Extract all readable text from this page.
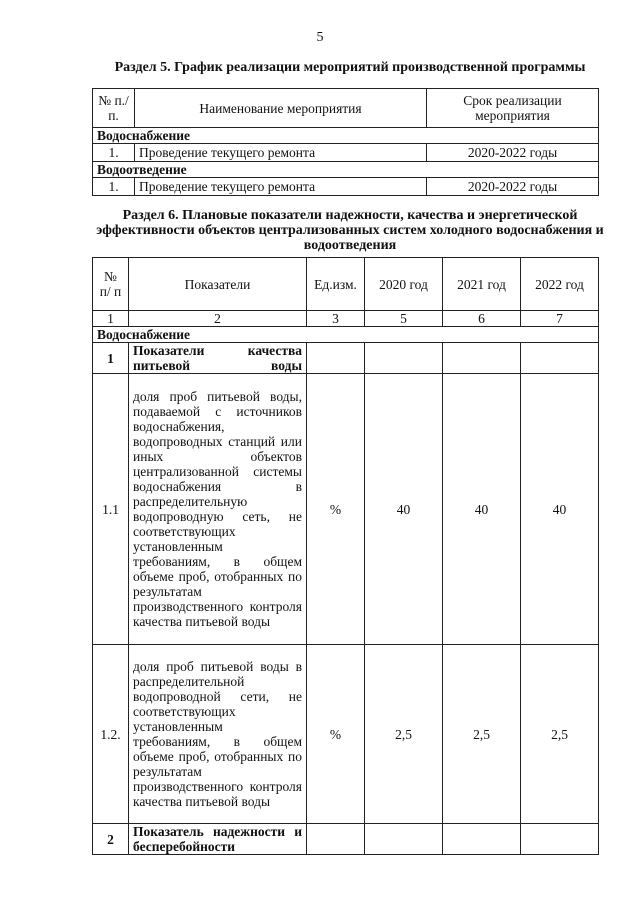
5
Раздел 5. График реализации мероприятий производственной программы
№ п./п.	Наименование мероприятия	Срок реализации мероприятия
Водоснабжение		
1.	Проведение текущего ремонта	2020-2022 годы
Водоотведение		
1.	Проведение текущего ремонта	2020-2022 годы
Раздел 6. Плановые показатели надежности, качества и энергетической эффективности объектов централизованных систем холодного водоснабжения и водоотведения
№ п/ п	Показатели	Ед.изм.	2020 год	2021 год	2022 год
1	2	3	5	6	7
Водоснабжение					
1	Показатели качества питьевой воды				
1.1	доля проб питьевой воды, подаваемой с источников водоснабжения, водопроводных станций или иных объектов централизованной системы водоснабжения в распределительную водопроводную сеть, не соответствующих установленным требованиям, в общем объеме проб, отобранных по результатам производственного контроля качества питьевой воды	%	40	40	40
1.2.	доля проб питьевой воды в распределительной водопроводной сети, не соответствующих установленным требованиям, в общем объеме проб, отобранных по результатам производственного контроля качества питьевой воды	%	2,5	2,5	2,5
2	Показатель надежности и бесперебойности				
